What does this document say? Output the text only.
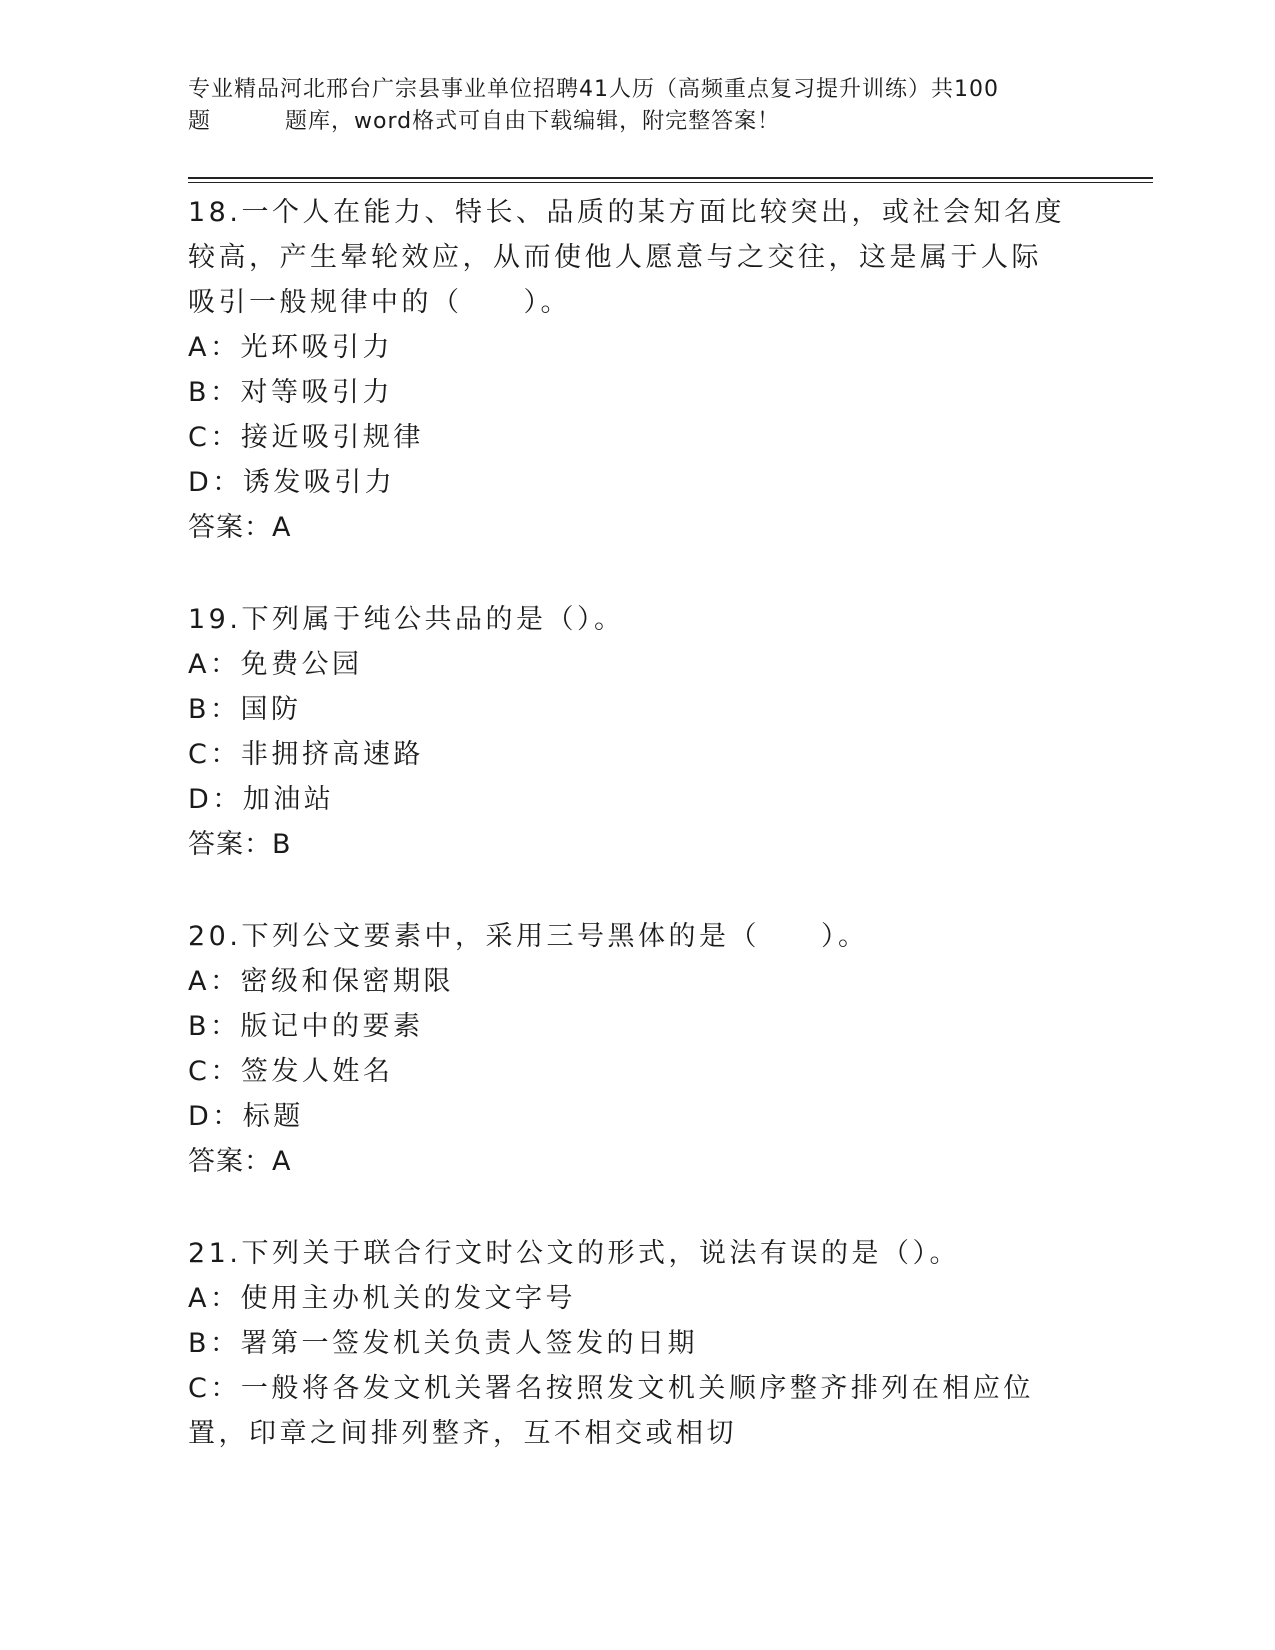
专业精品河北邢台广宗县事业单位招聘41人历（高频重点复习提升训练）共100
题	题库，word格式可自由下载编辑，附完整答案！
18.一个人在能力、特长、品质的某方面比较突出，或社会知名度较高，产生晕轮效应，从而使他人愿意与之交往，这是属于人际吸引一般规律中的（　　）。
A：光环吸引力
B：对等吸引力
C：接近吸引规律
D：诱发吸引力
答案：A
19.下列属于纯公共品的是（）。
A：免费公园
B：国防
C：非拥挤高速路
D：加油站
答案：B
20.下列公文要素中，采用三号黑体的是（　　）。
A：密级和保密期限
B：版记中的要素
C：签发人姓名
D：标题
答案：A
21.下列关于联合行文时公文的形式，说法有误的是（）。
A：使用主办机关的发文字号
B：署第一签发机关负责人签发的日期
C：一般将各发文机关署名按照发文机关顺序整齐排列在相应位置，印章之间排列整齐，互不相交或相切
